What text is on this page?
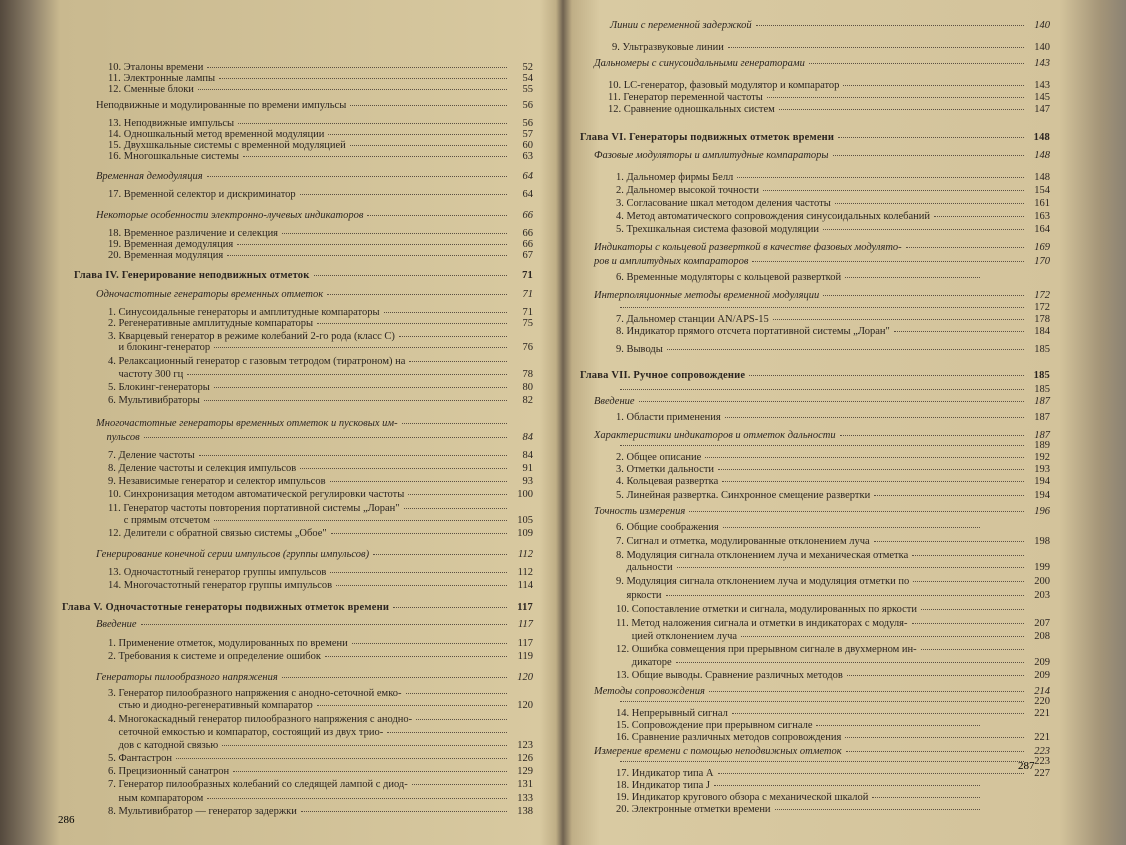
10. Эталоны времени	52
11. Электронные лампы	54
12. Сменные блоки	55
Неподвижные и модулированные по времени импульсы	56
13. Неподвижные импульсы	56
14. Одношкальный метод временной модуляции	57
15. Двухшкальные системы с временной модуляцией	60
16. Многошкальные системы	63
Временная демодуляция	64
17. Временной селектор и дискриминатор	64
Некоторые особенности электронно-лучевых индикаторов	66
18. Временное различение и селекция	66
19. Временная демодуляция	66
20. Временная модуляция	67
Глава IV. Генерирование неподвижных отметок	71
Одночастотные генераторы временных отметок	71
1. Синусоидальные генераторы и амплитудные компараторы	71
2. Регенеративные амплитудные компараторы	75
3. Кварцевый генератор в режиме колебаний 2-го рода (класс С)
и блокинг-генератор	76
4. Релаксационный генератор с газовым тетродом (тиратроном) на
частоту 300 гц	78
5. Блокинг-генераторы	80
6. Мультивибраторы	82
Многочастотные генераторы временных отметок и пусковых им-
пульсов	84
7. Деление частоты	84
8. Деление частоты и селекция импульсов	91
9. Независимые генератор и селектор импульсов	93
10. Синхронизация методом автоматической регулировки частоты	100
11. Генератор частоты повторения портативной системы „Лоран"
с прямым отсчетом	105
12. Делители с обратной связью системы „Обое"	109
Генерирование конечной серии импульсов (группы импульсов)	112
13. Одночастотный генератор группы импульсов	112
14. Многочастотный генератор группы импульсов	114
Глава V. Одночастотные генераторы подвижных отметок времени	117
Введение	117
1. Применение отметок, модулированных по времени	117
2. Требования к системе и определение ошибок	119
Генераторы пилообразного напряжения	120
3. Генератор пилообразного напряжения с анодно-сеточной емко-
стью и диодно-регенеративный компаратор	120
4. Многокаскадный генератор пилообразного напряжения с анодно-
сеточной емкостью и компаратор, состоящий из двух трио-
дов с катодной связью	123
5. Фантастрон	126
6. Прецизионный санатрон	129
7. Генератор пилообразных колебаний со следящей лампой с диод-	131
ным компаратором	133
8. Мультивибратор — генератор задержки	138
Линии с переменной задержкой	140
9. Ультразвуковые линии	140
Дальномеры с синусоидальными генераторами	143
10. LC-генератор, фазовый модулятор и компаратор	143
11. Генератор переменной частоты	145
12. Сравнение одношкальных систем	147
Глава VI. Генераторы подвижных отметок времени	148
Фазовые модуляторы и амплитудные компараторы	148
1. Дальномер фирмы Белл	148
2. Дальномер высокой точности	154
3. Согласование шкал методом деления частоты	161
4. Метод автоматического сопровождения синусоидальных колебаний	163
5. Трехшкальная система фазовой модуляции	164
Индикаторы с кольцевой разверткой в качестве фазовых модулято-	169
ров и амплитудных компараторов	170
6. Временные модуляторы с кольцевой разверткой
Интерполяционные методы временной модуляции	172
172
7. Дальномер станции AN/APS-15	178
8. Индикатор прямого отсчета портативной системы „Лоран"	184
9. Выводы	185
Глава VII. Ручное сопровождение	185
185
Введение	187
1. Области применения	187
Характеристики индикаторов и отметок дальности	187
189
2. Общее описание	192
3. Отметки дальности	193
4. Кольцевая развертка	194
5. Линейная развертка. Синхронное смещение развертки	194
Точность измерения	196
6. Общие соображения
7. Сигнал и отметка, модулированные отклонением луча	198
8. Модуляция сигнала отклонением луча и механическая отметка
дальности	199
9. Модуляция сигнала отклонением луча и модуляция отметки по	200
яркости	203
10. Сопоставление отметки и сигнала, модулированных по яркости
11. Метод наложения сигнала и отметки в индикаторах с модуля-	207
цией отклонением луча	208
12. Ошибка совмещения при прерывном сигнале в двухмерном ин-
дикаторе	209
13. Общие выводы. Сравнение различных методов	209
Методы сопровождения	214
220
14. Непрерывный сигнал	221
15. Сопровождение при прерывном сигнале
16. Сравнение различных методов сопровождения	221
Измерение времени с помощью неподвижных отметок	223
223
17. Индикатор типа А	227
18. Индикатор типа J
19. Индикатор кругового обзора с механической шкалой
20. Электронные отметки времени
286
287
